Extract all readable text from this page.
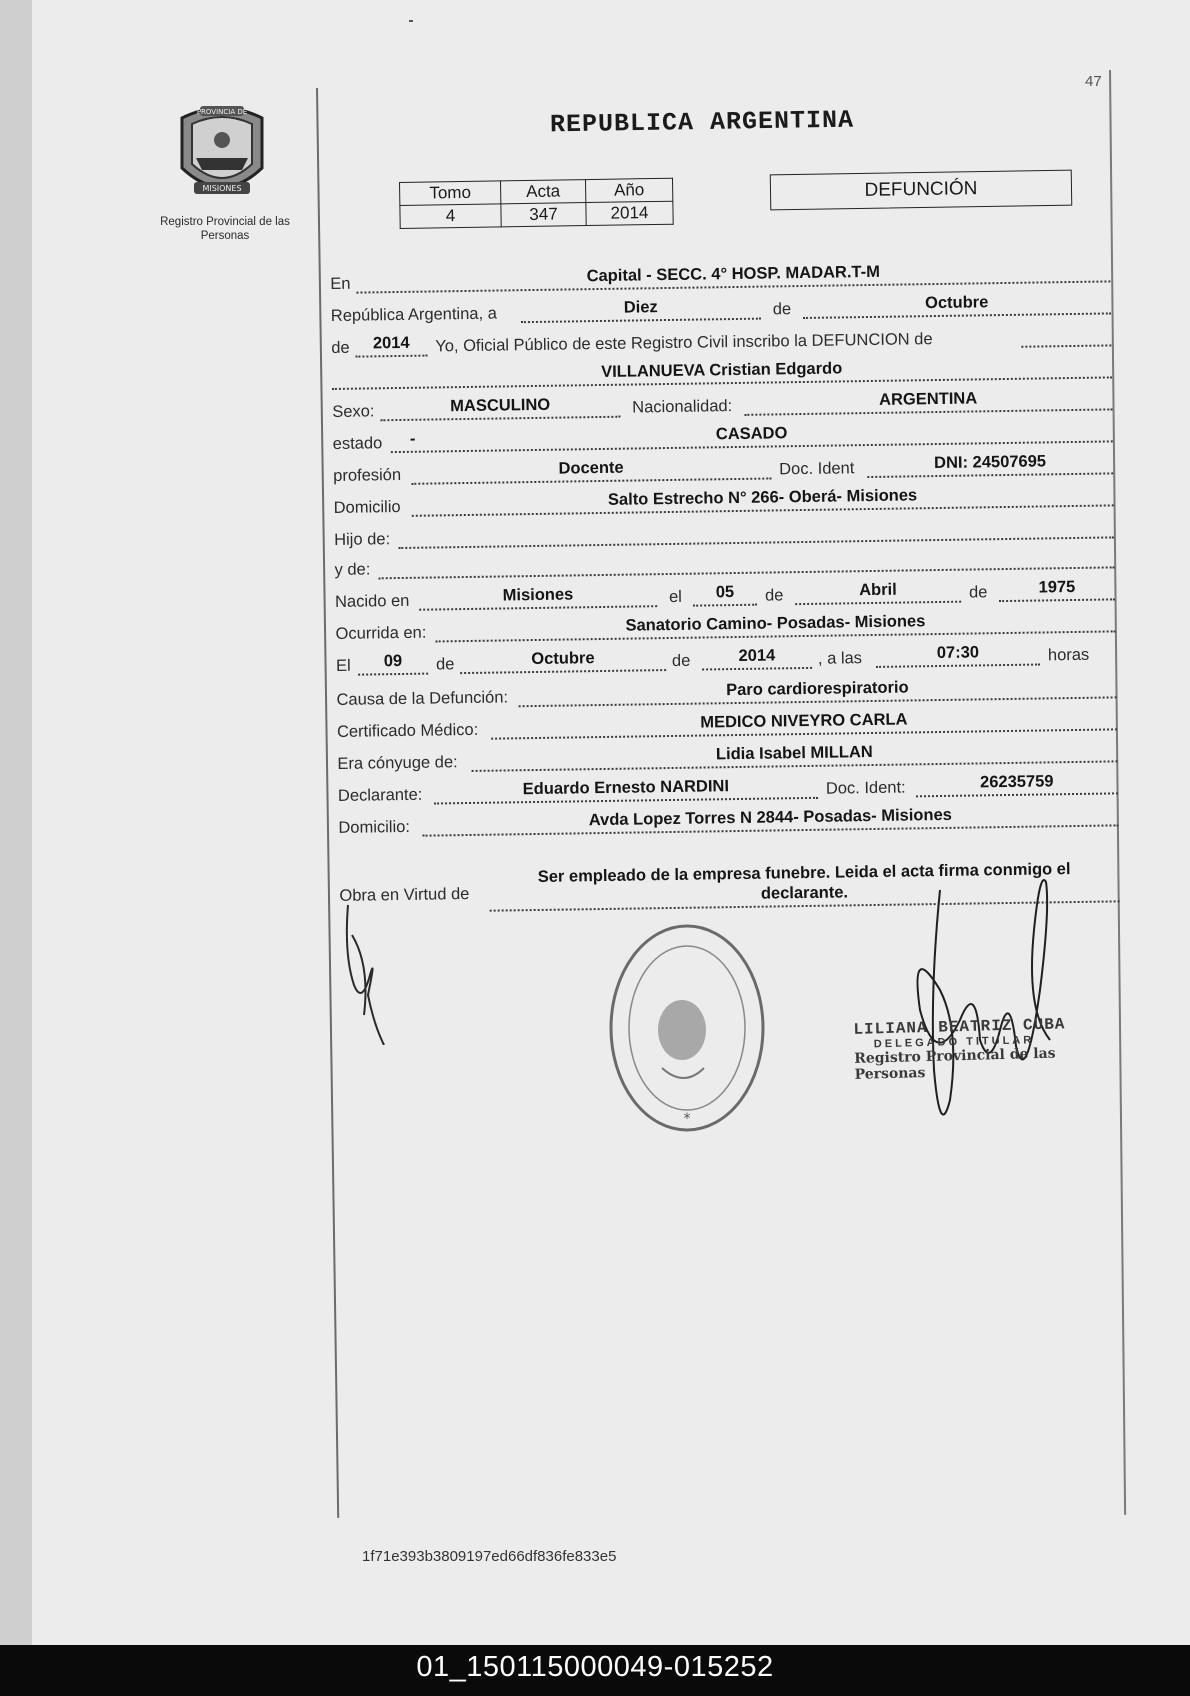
47
PROVINCIA DE
MISIONES
Registro Provincial de las Personas
REPUBLICA ARGENTINA
Tomo	Acta	Año
4	347	2014
DEFUNCIÓN
En	Capital - SECC. 4° HOSP. MADAR.T-M
República Argentina, a	Diez	de	Octubre
de	2014	Yo, Oficial Público de este Registro Civil inscribo la DEFUNCION de
VILLANUEVA Cristian Edgardo
Sexo:	MASCULINO	Nacionalidad:	ARGENTINA
estado	-	CASADO
profesión	Docente	Doc. Ident	DNI: 24507695
Domicilio	Salto Estrecho N° 266- Oberá- Misiones
Hijo de:
y de:
Nacido en	Misiones	el	05	de	Abril	de	1975
Ocurrida en:	Sanatorio Camino- Posadas- Misiones
El	09	de	Octubre	de	2014	, a las	07:30	horas
Causa de la Defunción:	Paro cardiorespiratorio
Certificado Médico:	MEDICO NIVEYRO CARLA
Era cónyuge de:	Lidia Isabel MILLAN
Declarante:	Eduardo Ernesto NARDINI	Doc. Ident:	26235759
Domicilio:	Avda Lopez Torres N 2844- Posadas- Misiones
Obra en Virtud de
Ser empleado de la empresa funebre. Leida el acta firma conmigo el
declarante.
*
LILIANA BEATRIZ CUBA
DELEGADO TITULAR
Registro Provincial de las Personas
1f71e393b3809197ed66df836fe833e5
01_150115000049-015252
